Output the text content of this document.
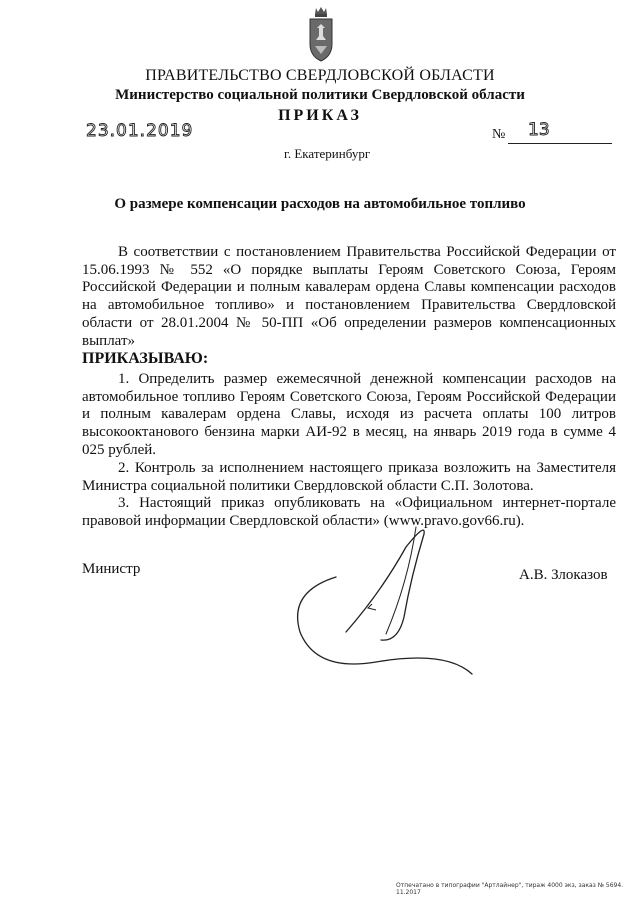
ПРАВИТЕЛЬСТВО СВЕРДЛОВСКОЙ ОБЛАСТИ
Министерство социальной политики Свердловской области
ПРИКАЗ
23.01.2019	№ 13
г. Екатеринбург
О размере компенсации расходов на автомобильное топливо

В соответствии с постановлением Правительства Российской Федерации от 15.06.1993 № 552 «О порядке выплаты Героям Советского Союза, Героям Российской Федерации и полным кавалерам ордена Славы компенсации расходов на автомобильное топливо» и постановлением Правительства Свердловской области от 28.01.2004 № 50-ПП «Об определении размеров компенсационных выплат»

ПРИКАЗЫВАЮ:

1. Определить размер ежемесячной денежной компенсации расходов на автомобильное топливо Героям Советского Союза, Героям Российской Федерации и полным кавалерам ордена Славы, исходя из расчета оплаты 100 литров высокооктанового бензина марки АИ-92 в месяц, на январь 2019 года в сумме 4 025 рублей.

2. Контроль за исполнением настоящего приказа возложить на Заместителя Министра социальной политики Свердловской области С.П. Золотова.

3. Настоящий приказ опубликовать на «Официальном интернет-портале правовой информации Свердловской области» (www.pravo.gov66.ru).

Министр	А.В. Злоказов
Отпечатано в типографии "Артлайнер", тираж 4000 экз, заказ № 5694. 11.2017
